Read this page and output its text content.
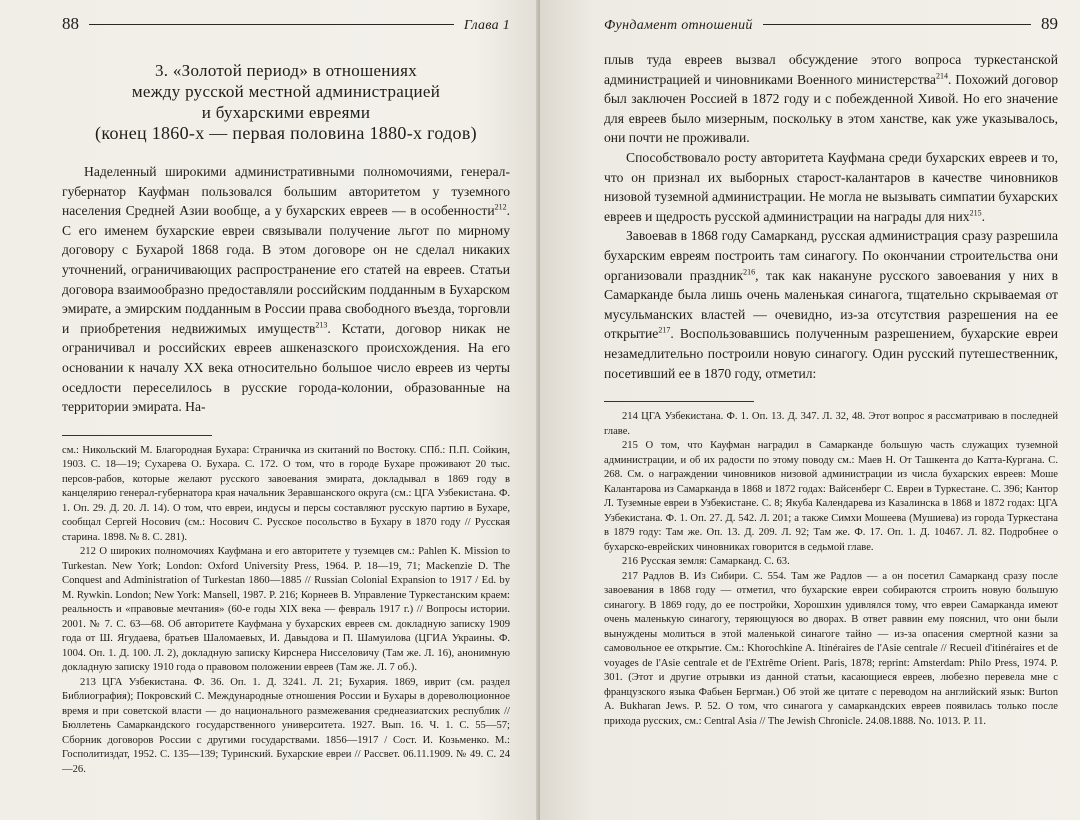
88	Глава 1
3. «Золотой период» в отношениях
между русской местной администрацией
и бухарскими евреями
(конец 1860-х — первая половина 1880-х годов)

Наделенный широкими административными полномочиями, генерал-губернатор Кауфман пользовался большим авторитетом у туземного населения Средней Азии вообще, а у бухарских евреев — в особенности$^{212}$. С его именем бухарские евреи связывали получение льгот по мирному договору с Бухарой 1868 года. В этом договоре он не сделал никаких уточнений, ограничивающих распространение его статей на евреев. Статьи договора взаимообразно предоставляли российским подданным в Бухарском эмирате, а эмирским подданным в России права свободного въезда, торговли и приобретения недвижимых имуществ$^{213}$. Кстати, договор никак не ограничивал и российских евреев ашкеназского происхождения. На его основании к началу XX века относительно большое число евреев из черты оседлости переселилось в русские города-колонии, образованные на территории эмирата. На-

см.: Никольский М. Благородная Бухара: Страничка из скитаний по Востоку. СПб.: П.П. Сойкин, 1903. С. 18—19; Сухарева О. Бухара. С. 172. О том, что в городе Бухаре проживают 20 тыс. персов-рабов, которые желают русского завоевания эмирата, докладывал в 1869 году в канцелярию генерал-губернатора края начальник Зеравшанского округа (см.: ЦГА Узбекистана. Ф. 1. Оп. 29. Д. 20. Л. 14). О том, что евреи, индусы и персы составляют русскую партию в Бухаре, сообщал Сергей Носович (см.: Носович С. Русское посольство в Бухару в 1870 году // Русская старина. 1898. № 8. С. 281).

212 О широких полномочиях Кауфмана и его авторитете у туземцев см.: Pahlen K. Mission to Turkestan. New York; London: Oxford University Press, 1964. P. 18—19, 71; Mackenzie D. The Conquest and Administration of Turkestan 1860—1885 // Russian Colonial Expansion to 1917 / Ed. by M. Rywkin. London; New York: Mansell, 1987. P. 216; Корнеев В. Управление Туркестанским краем: реальность и «правовые мечтания» (60-е годы XIX века — февраль 1917 г.) // Вопросы истории. 2001. № 7. С. 63—68. Об авторитете Кауфмана у бухарских евреев см. докладную записку 1909 года от Ш. Ягудаева, братьев Шаломаевых, И. Давыдова и П. Шамуилова (ЦГИА Украины. Ф. 1004. Оп. 1. Д. 100. Л. 2), докладную записку Кирснера Нисселовичу (Там же. Л. 16), анонимную докладную записку 1910 года о правовом положении евреев (Там же. Л. 7 об.).

213 ЦГА Узбекистана. Ф. 36. Оп. 1. Д. 3241. Л. 21; Бухария. 1869, иврит (см. раздел Библиография); Покровский С. Международные отношения России и Бухары в дореволюционное время и при советской власти — до национального размежевания среднеазиатских республик // Бюллетень Самаркандского государственного университета. 1927. Вып. 16. Ч. 1. С. 55—57; Сборник договоров России с другими государствами. 1856—1917 / Сост. И. Козьменко. М.: Госполитиздат, 1952. С. 135—139; Туринский. Бухарские евреи // Рассвет. 06.11.1909. № 49. С. 24—26.

Фундамент отношений	89

плыв туда евреев вызвал обсуждение этого вопроса туркестанской администрацией и чиновниками Военного министерства$^{214}$. Похожий договор был заключен Россией в 1872 году и с побежденной Хивой. Но его значение для евреев было мизерным, поскольку в этом ханстве, как уже указывалось, они почти не проживали.

Способствовало росту авторитета Кауфмана среди бухарских евреев и то, что он признал их выборных старост-калантаров в качестве чиновников низовой туземной администрации. Не могла не вызывать симпатии бухарских евреев и щедрость русской администрации на награды для них$^{215}$.

Завоевав в 1868 году Самарканд, русская администрация сразу разрешила бухарским евреям построить там синагогу. По окончании строительства они организовали праздник$^{216}$, так как накануне русского завоевания у них в Самарканде была лишь очень маленькая синагога, тщательно скрываемая от мусульманских властей — очевидно, из-за отсутствия разрешения на ее открытие$^{217}$. Воспользовавшись полученным разрешением, бухарские евреи незамедлительно построили новую синагогу. Один русский путешественник, посетивший ее в 1870 году, отметил:

214 ЦГА Узбекистана. Ф. 1. Оп. 13. Д. 347. Л. 32, 48. Этот вопрос я рассматриваю в последней главе.

215 О том, что Кауфман наградил в Самарканде большую часть служащих туземной администрации, и об их радости по этому поводу см.: Маев Н. От Ташкента до Катта-Кургана. С. 268. См. о награждении чиновников низовой администрации из числа бухарских евреев: Моше Калантарова из Самарканда в 1868 и 1872 годах: Вайсенберг С. Евреи в Туркестане. С. 396; Кантор Л. Туземные евреи в Узбекистане. С. 8; Якуба Календарева из Казалинска в 1868 и 1872 годах: ЦГА Узбекистана. Ф. 1. Оп. 27. Д. 542. Л. 201; а также Симхи Мошеева (Мушиева) из города Туркестана в 1879 году: Там же. Оп. 13. Д. 209. Л. 92; Там же. Ф. 17. Оп. 1. Д. 10467. Л. 82. Подробнее о бухарско-еврейских чиновниках говорится в седьмой главе.

216 Русская земля: Самарканд. С. 63.

217 Радлов В. Из Сибири. С. 554. Там же Радлов — а он посетил Самарканд сразу после завоевания в 1868 году — отметил, что бухарские евреи собираются строить новую большую синагогу. В 1869 году, до ее постройки, Хорошхин удивлялся тому, что евреи Самарканда имеют очень маленькую синагогу, теряющуюся во дворах. В ответ раввин ему пояснил, что они были вынуждены молиться в этой маленькой синагоге тайно — из-за опасения смертной казни за самовольное ее открытие. См.: Khorochkine A. Itinéraires de l'Asie centrale // Recueil d'itinéraires et de voyages de l'Asie centrale et de l'Extrême Orient. Paris, 1878; reprint: Amsterdam: Philo Press, 1974. P. 301. (Этот и другие отрывки из данной статьи, касающиеся евреев, любезно перевела мне с французского языка Фабьен Бергман.) Об этой же цитате с переводом на английский язык: Burton A. Bukharan Jews. P. 52. О том, что синагога у самаркандских евреев появилась только после прихода русских, см.: Central Asia // The Jewish Chronicle. 24.08.1888. No. 1013. P. 11.
